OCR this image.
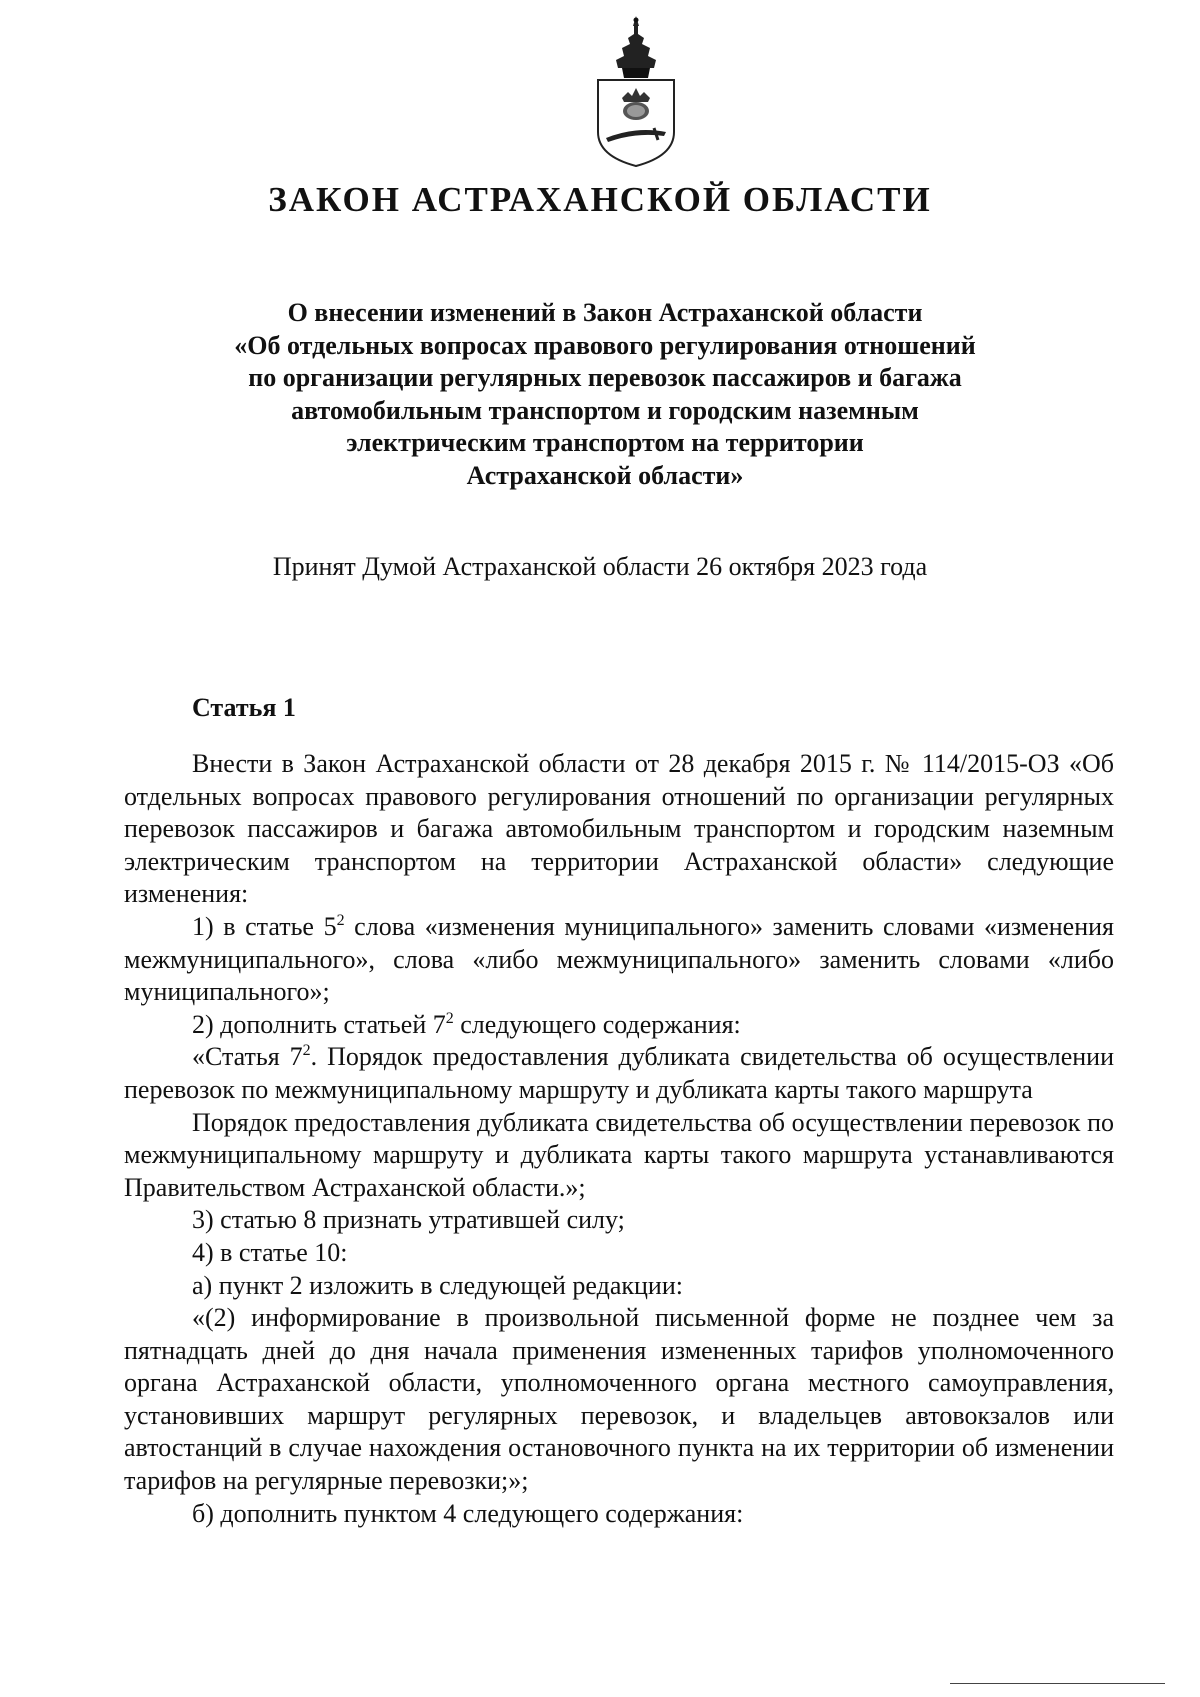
ЗАКОН АСТРАХАНСКОЙ ОБЛАСТИ
О внесении изменений в Закон Астраханской области
«Об отдельных вопросах правового регулирования отношений
по организации регулярных перевозок пассажиров и багажа
автомобильным транспортом и городским наземным
электрическим транспортом на территории
Астраханской области»
Принят Думой Астраханской области 26 октября 2023 года
Статья 1

Внести в Закон Астраханской области от 28 декабря 2015 г. № 114/2015-ОЗ «Об отдельных вопросах правового регулирования отношений по организации регулярных перевозок пассажиров и багажа автомобильным транспортом и городским наземным электрическим транспортом на территории Астраханской области» следующие изменения:

1) в статье $5^2$ слова «изменения муниципального» заменить словами «изменения межмуниципального», слова «либо межмуниципального» заменить словами «либо муниципального»;

2) дополнить статьей $7^2$ следующего содержания:

«Статья $7^2$. Порядок предоставления дубликата свидетельства об осуществлении перевозок по межмуниципальному маршруту и дубликата карты такого маршрута

Порядок предоставления дубликата свидетельства об осуществлении перевозок по межмуниципальному маршруту и дубликата карты такого маршрута устанавливаются Правительством Астраханской области.»;

3) статью 8 признать утратившей силу;

4) в статье 10:

а) пункт 2 изложить в следующей редакции:

«(2) информирование в произвольной письменной форме не позднее чем за пятнадцать дней до дня начала применения измененных тарифов уполномоченного органа Астраханской области, уполномоченного органа местного самоуправления, установивших маршрут регулярных перевозок, и владельцев автовокзалов или автостанций в случае нахождения остановочного пункта на их территории об изменении тарифов на регулярные перевозки;»;

б) дополнить пунктом 4 следующего содержания:
